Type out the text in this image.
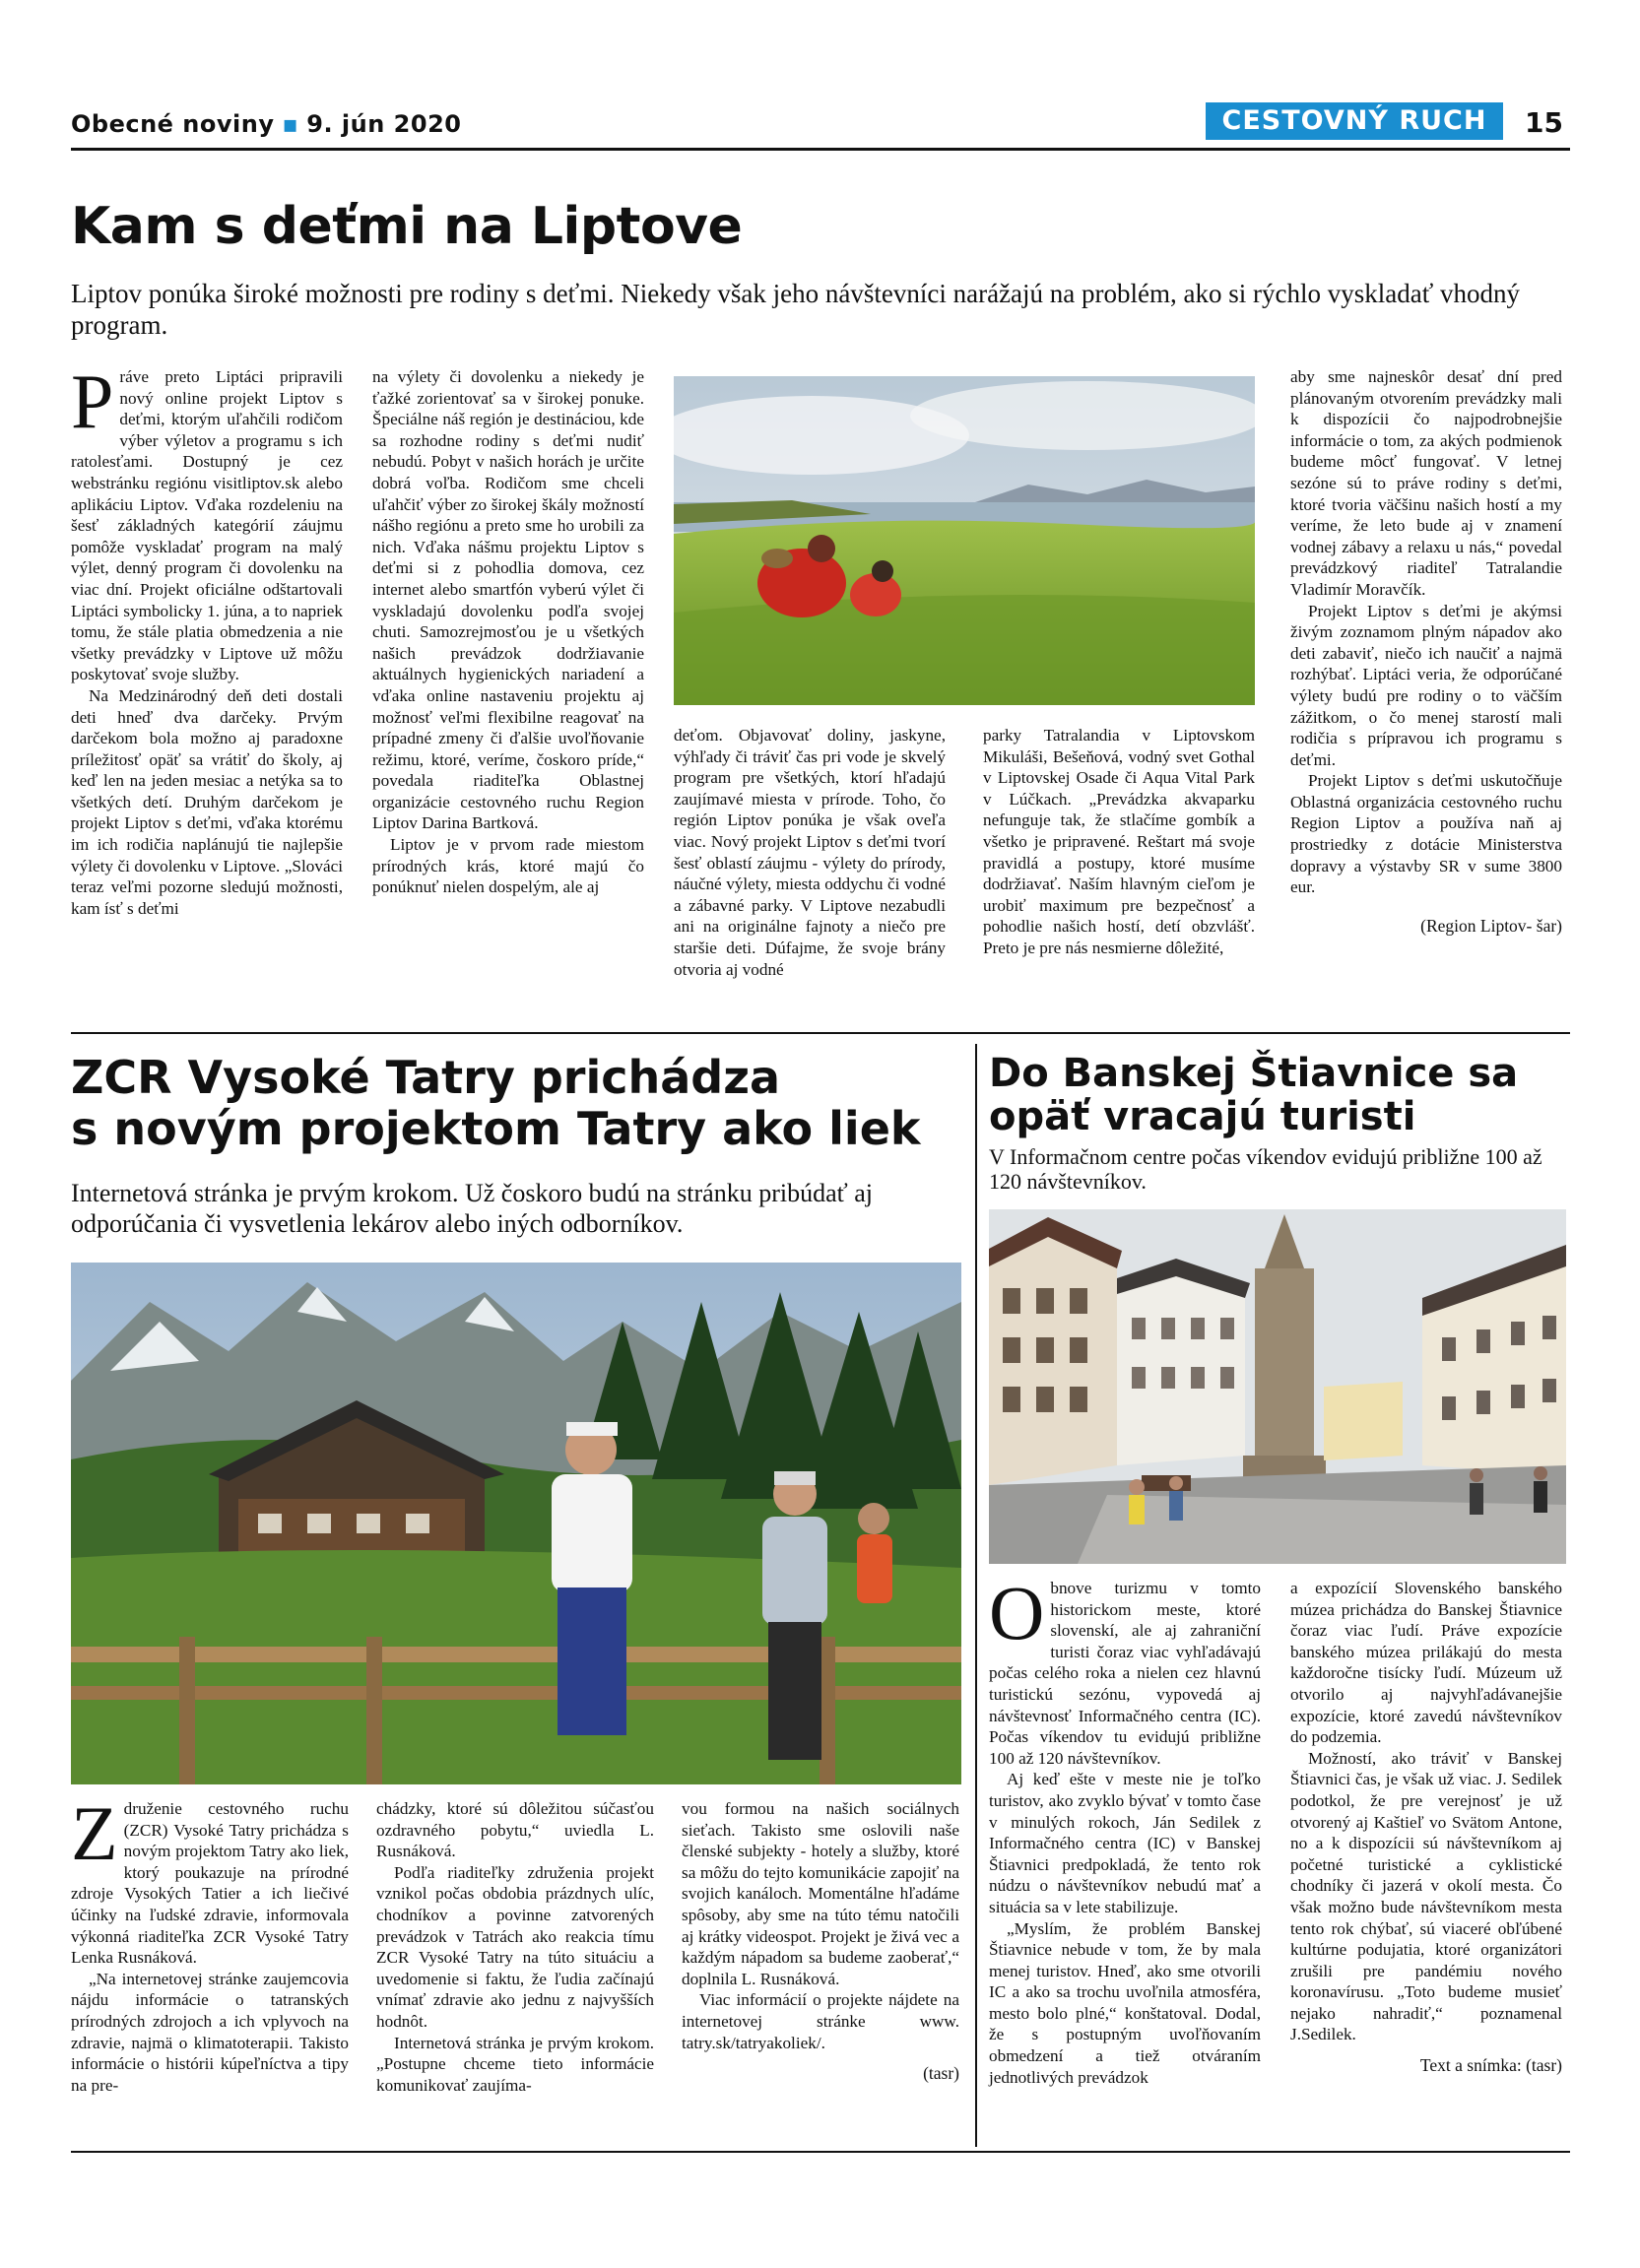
Obecné noviny ▪ 9. jún 2020	CESTOVNÝ RUCH	15
Kam s deťmi na Liptove
Liptov ponúka široké možnosti pre rodiny s deťmi. Niekedy však jeho návštevníci narážajú na problém, ako si rýchlo vyskladať vhodný program.

Práve preto Liptáci pripravili nový online projekt Liptov s deťmi, ktorým uľahčili rodičom výber výletov a programu s ich ratolesťami. Dostupný je cez webstránku regiónu visitliptov.sk alebo aplikáciu Liptov. Vďaka rozdeleniu na šesť základných kategórií záujmu pomôže vyskladať program na malý výlet, denný program či dovolenku na viac dní. Projekt oficiálne odštartovali Liptáci symbolicky 1. júna, a to napriek tomu, že stále platia obmedzenia a nie všetky prevádzky v Liptove už môžu poskytovať svoje služby.

Na Medzinárodný deň deti dostali deti hneď dva darčeky. Prvým darčekom bola možno aj paradoxne príležitosť opäť sa vrátiť do školy, aj keď len na jeden mesiac a netýka sa to všetkých detí. Druhým darčekom je projekt Liptov s deťmi, vďaka ktorému im ich rodičia naplánujú tie najlepšie výlety či dovolenku v Liptove. „Slováci teraz veľmi pozorne sledujú možnosti, kam ísť s deťmi

na výlety či dovolenku a niekedy je ťažké zorientovať sa v širokej ponuke. Špeciálne náš región je destináciou, kde sa rozhodne rodiny s deťmi nudiť nebudú. Pobyt v našich horách je určite dobrá voľba. Rodičom sme chceli uľahčiť výber zo širokej škály možností nášho regiónu a preto sme ho urobili za nich. Vďaka nášmu projektu Liptov s deťmi si z pohodlia domova, cez internet alebo smartfón vyberú výlet či vyskladajú dovolenku podľa svojej chuti. Samozrejmosťou je u všetkých našich prevádzok dodržiavanie aktuálnych hygienických nariadení a vďaka online nastaveniu projektu aj možnosť veľmi flexibilne reagovať na prípadné zmeny či ďalšie uvoľňovanie režimu, ktoré, veríme, čoskoro príde,“ povedala riaditeľka Oblastnej organizácie cestovného ruchu Region Liptov Darina Bartková.

Liptov je v prvom rade miestom prírodných krás, ktoré majú čo ponúknuť nielen dospelým, ale aj

deťom. Objavovať doliny, jaskyne, výhľady či tráviť čas pri vode je skvelý program pre všetkých, ktorí hľadajú zaujímavé miesta v prírode. Toho, čo región Liptov ponúka je však oveľa viac. Nový projekt Liptov s deťmi tvorí šesť oblastí záujmu - výlety do prírody, náučné výlety, miesta oddychu či vodné a zábavné parky. V Liptove nezabudli ani na originálne fajnoty a niečo pre staršie deti. Dúfajme, že svoje brány otvoria aj vodné

parky Tatralandia v Liptovskom Mikuláši, Bešeňová, vodný svet Gothal v Liptovskej Osade či Aqua Vital Park v Lúčkach. „Prevádzka akvaparku nefunguje tak, že stlačíme gombík a všetko je pripravené. Reštart má svoje pravidlá a postupy, ktoré musíme dodržiavať. Naším hlavným cieľom je urobiť maximum pre bezpečnosť a pohodlie našich hostí, detí obzvlášť. Preto je pre nás nesmierne dôležité,

aby sme najneskôr desať dní pred plánovaným otvorením prevádzky mali k dispozícii čo najpodrobnejšie informácie o tom, za akých podmienok budeme môcť fungovať. V letnej sezóne sú to práve rodiny s deťmi, ktoré tvoria väčšinu našich hostí a my veríme, že leto bude aj v znamení vodnej zábavy a relaxu u nás,“ povedal prevádzkový riaditeľ Tatralandie Vladimír Moravčík.

Projekt Liptov s deťmi je akýmsi živým zoznamom plným nápadov ako deti zabaviť, niečo ich naučiť a najmä rozhýbať. Liptáci veria, že odporúčané výlety budú pre rodiny o to väčším zážitkom, o čo menej starostí mali rodičia s prípravou ich programu s deťmi.

Projekt Liptov s deťmi uskutočňuje Oblastná organizácia cestovného ruchu Region Liptov a používa naň aj prostriedky z dotácie Ministerstva dopravy a výstavby SR v sume 3800 eur.

(Region Liptov- šar)
ZCR Vysoké Tatry prichádza
s novým projektom Tatry ako liek
Internetová stránka je prvým krokom. Už čoskoro budú na stránku pribúdať aj odporúčania či vysvetlenia lekárov alebo iných odborníkov.

Združenie cestovného ruchu (ZCR) Vysoké Tatry prichádza s novým projektom Tatry ako liek, ktorý poukazuje na prírodné zdroje Vysokých Tatier a ich liečivé účinky na ľudské zdravie, informovala výkonná riaditeľka ZCR Vysoké Tatry Lenka Rusnáková.

„Na internetovej stránke zaujemcovia nájdu informácie o tatranských prírodných zdrojoch a ich vplyvoch na zdravie, najmä o klimatoterapii. Takisto informácie o histórii kúpeľníctva a tipy na pre-

chádzky, ktoré sú dôležitou súčasťou ozdravného pobytu,“ uviedla L. Rusnáková.

Podľa riaditeľky združenia projekt vznikol počas obdobia prázdnych ulíc, chodníkov a povinne zatvorených prevádzok v Tatrách ako reakcia tímu ZCR Vysoké Tatry na túto situáciu a uvedomenie si faktu, že ľudia začínajú vnímať zdravie ako jednu z najvyšších hodnôt.

Internetová stránka je prvým krokom. „Postupne chceme tieto informácie komunikovať zaujíma-

vou formou na našich sociálnych sieťach. Takisto sme oslovili naše členské subjekty - hotely a služby, ktoré sa môžu do tejto komunikácie zapojiť na svojich kanáloch. Momentálne hľadáme spôsoby, aby sme na túto tému natočili aj krátky videospot. Projekt je živá vec a každým nápadom sa budeme zaoberať,“ doplnila L. Rusnáková.

Viac informácií o projekte nájdete na internetovej stránke www. tatry.sk/tatryakoliek/.

(tasr)
Do Banskej Štiavnice sa
opäť vracajú turisti
V Informačnom centre počas víkendov evidujú približne 100 až 120 návštevníkov.

Obnove turizmu v tomto historickom meste, ktoré slovenskí, ale aj zahraniční turisti čoraz viac vyhľadávajú počas celého roka a nielen cez hlavnú turistickú sezónu, vypovedá aj návštevnosť Informačného centra (IC). Počas víkendov tu evidujú približne 100 až 120 návštevníkov.

Aj keď ešte v meste nie je toľko turistov, ako zvyklo bývať v tomto čase v minulých rokoch, Ján Sedilek z Informačného centra (IC) v Banskej Štiavnici predpokladá, že tento rok núdzu o návštevníkov nebudú mať a situácia sa v lete stabilizuje.

„Myslím, že problém Banskej Štiavnice nebude v tom, že by mala menej turistov. Hneď, ako sme otvorili IC a ako sa trochu uvoľnila atmosféra, mesto bolo plné,“ konštatoval. Dodal, že s postupným uvoľňovaním obmedzení a tiež otváraním jednotlivých prevádzok

a expozícií Slovenského banského múzea prichádza do Banskej Štiavnice čoraz viac ľudí. Práve expozície banského múzea prilákajú do mesta každoročne tisícky ľudí. Múzeum už otvorilo aj najvyhľadávanejšie expozície, ktoré zavedú návštevníkov do podzemia.

Možností, ako tráviť v Banskej Štiavnici čas, je však už viac. J. Sedilek podotkol, že pre verejnosť je už otvorený aj Kaštieľ vo Svätom Antone, no a k dispozícii sú návštevníkom aj početné turistické a cyklistické chodníky či jazerá v okolí mesta. Čo však možno bude návštevníkom mesta tento rok chýbať, sú viaceré obľúbené kultúrne podujatia, ktoré organizátori zrušili pre pandémiu nového koronavírusu. „Toto budeme musieť nejako nahradiť,“ poznamenal J.Sedilek.

Text a snímka: (tasr)
